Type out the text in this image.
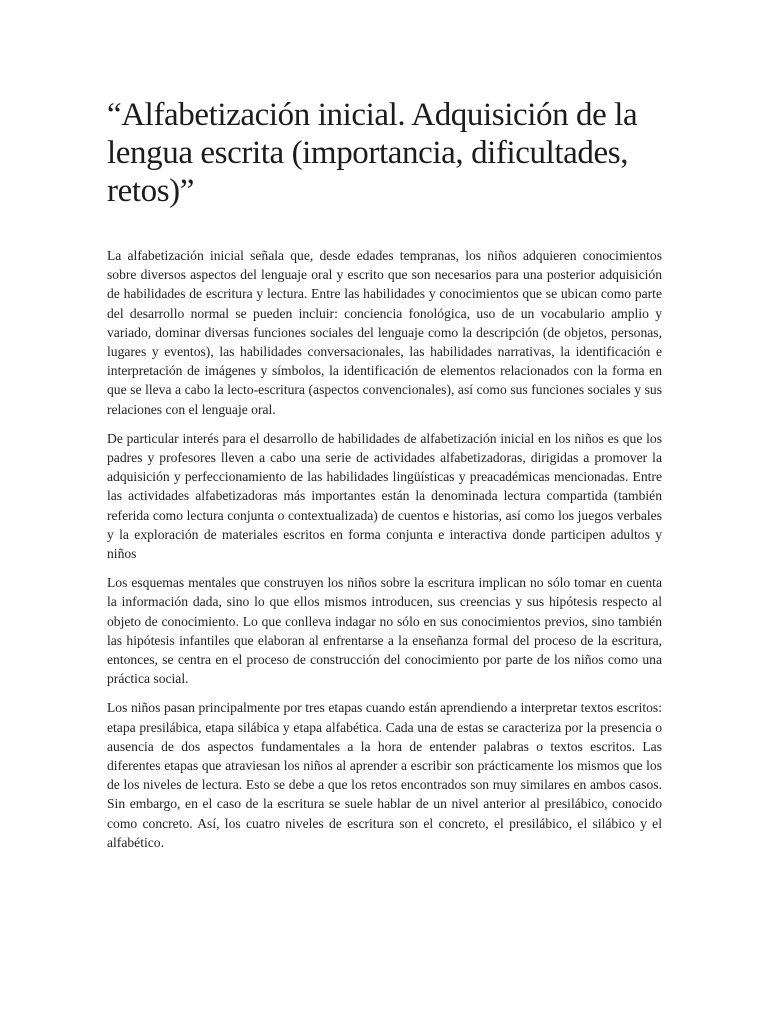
“Alfabetización inicial. Adquisición de la lengua escrita (importancia, dificultades, retos)”

La alfabetización inicial señala que, desde edades tempranas, los niños adquieren conocimientos sobre diversos aspectos del lenguaje oral y escrito que son necesarios para una posterior adquisición de habilidades de escritura y lectura. Entre las habilidades y conocimientos que se ubican como parte del desarrollo normal se pueden incluir: conciencia fonológica, uso de un vocabulario amplio y variado, dominar diversas funciones sociales del lenguaje como la descripción (de objetos, personas, lugares y eventos), las habilidades conversacionales, las habilidades narrativas, la identificación e interpretación de imágenes y símbolos, la identificación de elementos relacionados con la forma en que se lleva a cabo la lecto-escritura (aspectos convencionales), así como sus funciones sociales y sus relaciones con el lenguaje oral.

De particular interés para el desarrollo de habilidades de alfabetización inicial en los niños es que los padres y profesores lleven a cabo una serie de actividades alfabetizadoras, dirigidas a promover la adquisición y perfeccionamiento de las habilidades lingüísticas y preacadémicas mencionadas. Entre las actividades alfabetizadoras más importantes están la denominada lectura compartida (también referida como lectura conjunta o contextualizada) de cuentos e historias, así como los juegos verbales y la exploración de materiales escritos en forma conjunta e interactiva donde participen adultos y niños

Los esquemas mentales que construyen los niños sobre la escritura implican no sólo tomar en cuenta la información dada, sino lo que ellos mismos introducen, sus creencias y sus hipótesis respecto al objeto de conocimiento. Lo que conlleva indagar no sólo en sus conocimientos previos, sino también las hipótesis infantiles que elaboran al enfrentarse a la enseñanza formal del proceso de la escritura, entonces, se centra en el proceso de construcción del conocimiento por parte de los niños como una práctica social.

Los niños pasan principalmente por tres etapas cuando están aprendiendo a interpretar textos escritos: etapa presilábica, etapa silábica y etapa alfabética. Cada una de estas se caracteriza por la presencia o ausencia de dos aspectos fundamentales a la hora de entender palabras o textos escritos. Las diferentes etapas que atraviesan los niños al aprender a escribir son prácticamente los mismos que los de los niveles de lectura. Esto se debe a que los retos encontrados son muy similares en ambos casos. Sin embargo, en el caso de la escritura se suele hablar de un nivel anterior al presilábico, conocido como concreto. Así, los cuatro niveles de escritura son el concreto, el presilábico, el silábico y el alfabético.
